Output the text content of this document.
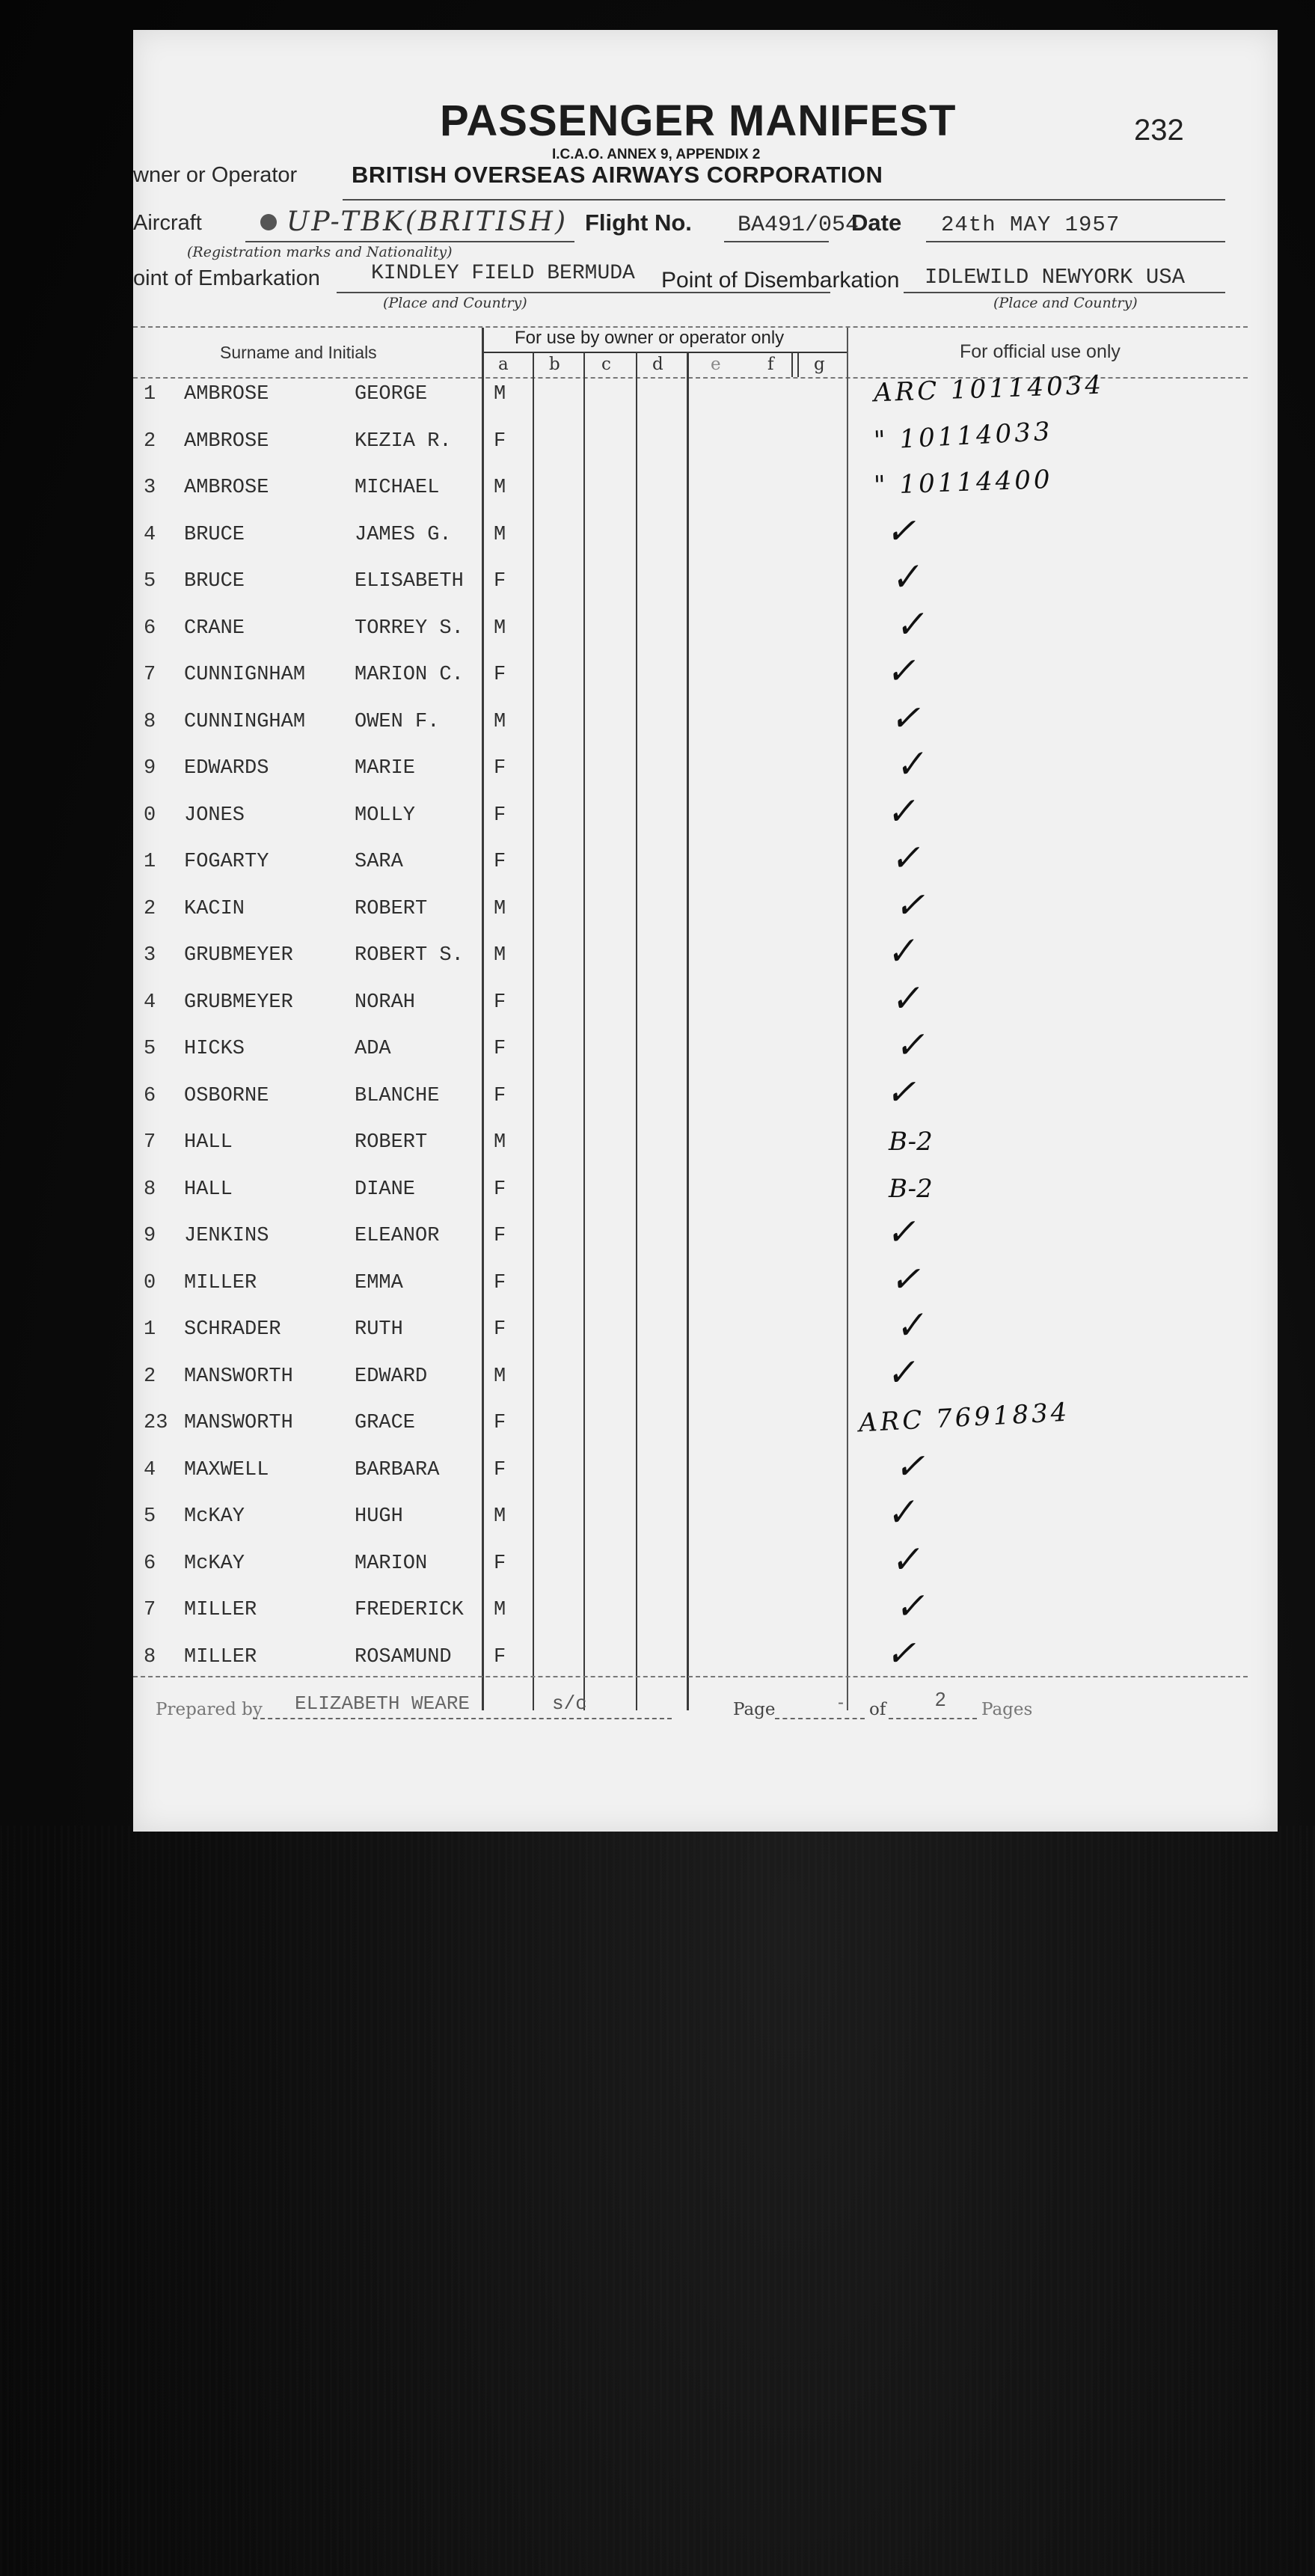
232
PASSENGER MANIFEST
I.C.A.O. ANNEX 9, APPENDIX 2
wner or Operator BRITISH OVERSEAS AIRWAYS CORPORATION
Aircraft	UP-TBK(BRITISH)
(Registration marks and Nationality)
Flight No. BA491/054
Date 24th MAY 1957
oint of Embarkation KINDLEY FIELD BERMUDA
(Place and Country)
Point of Disembarkation IDLEWILD NEWYORK USA
(Place and Country)
Surname and Initials
For use by owner or operator only
For official use only
a b c d	e	f g
1 AMBROSE	GEORGE	M	ARC 10114034
2 AMBROSE	KEZIA R. F	" 10114033
3 AMBROSE	MICHAEL	M	" 10114400
4 BRUCE	JAMES G. M	✓
5 BRUCE	ELISABETH F	✓
6 CRANE	TORREY S. M	✓
7 CUNNIGNHAM MARION C. F	✓
8 CUNNINGHAM OWEN F.	M	✓
9 EDWARDS	MARIE	F	✓
0 JONES	MOLLY	F	✓
1 FOGARTY	SARA	F	✓
2 KACIN	ROBERT	M	✓
3 GRUBMEYER	ROBERT S. M	✓
4 GRUBMEYER	NORAH	F	✓
5 HICKS	ADA	F	✓
6 OSBORNE	BLANCHE	F	✓
7 HALL	ROBERT	M	B-2
8 HALL	DIANE	F	B-2
9 JENKINS	ELEANOR	F	✓
0 MILLER	EMMA	F	✓
1 SCHRADER	RUTH	F	✓
2 MANSWORTH	EDWARD	M	✓
23 MANSWORTH	GRACE	F	ARC 7691834
4 MAXWELL	BARBARA	F	✓
5 McKAY	HUGH	M	✓
6 McKAY	MARION	F	✓
7 MILLER	FREDERICK M	✓
8 MILLER	ROSAMUND F	✓
Prepared by ELIZABETH WEARE	s/c	Page	- of	2 Pages
